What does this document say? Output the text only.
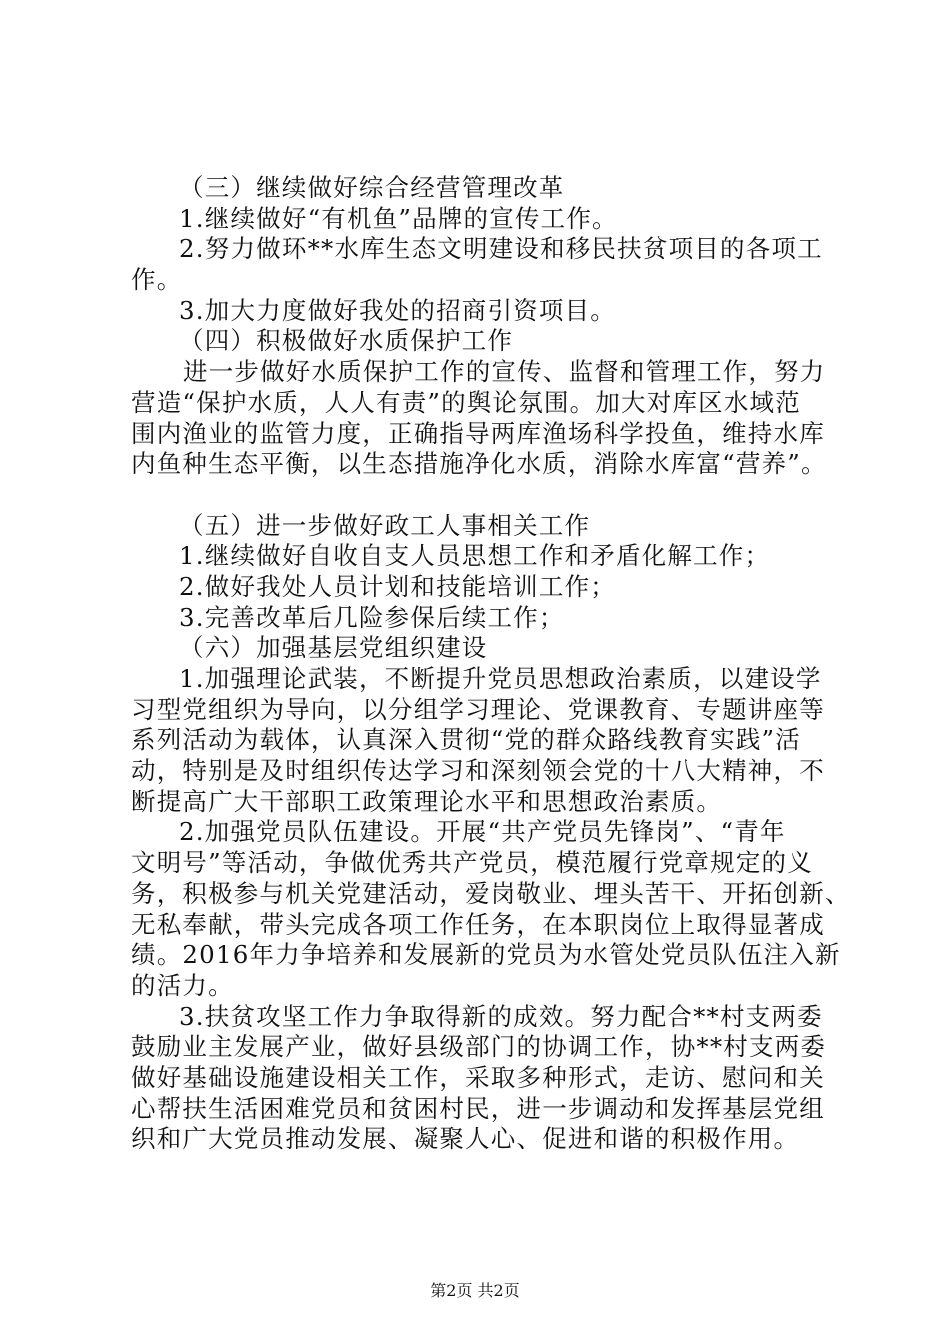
（三）继续做好综合经营管理改革
1.继续做好“有机鱼”品牌的宣传工作。
2.努力做环**水库生态文明建设和移民扶贫项目的各项工
作。
3.加大力度做好我处的招商引资项目。
（四）积极做好水质保护工作
进一步做好水质保护工作的宣传、监督和管理工作，努力
营造“保护水质，人人有责”的舆论氛围。加大对库区水域范
围内渔业的监管力度，正确指导两库渔场科学投鱼，维持水库
内鱼种生态平衡，以生态措施净化水质，消除水库富“营养”。
（五）进一步做好政工人事相关工作
1.继续做好自收自支人员思想工作和矛盾化解工作；
2.做好我处人员计划和技能培训工作；
3.完善改革后几险参保后续工作；
（六）加强基层党组织建设
1.加强理论武装，不断提升党员思想政治素质，以建设学
习型党组织为导向，以分组学习理论、党课教育、专题讲座等
系列活动为载体，认真深入贯彻“党的群众路线教育实践”活
动，特别是及时组织传达学习和深刻领会党的十八大精神，不
断提高广大干部职工政策理论水平和思想政治素质。
2.加强党员队伍建设。开展“共产党员先锋岗”、“青年
文明号”等活动，争做优秀共产党员，模范履行党章规定的义
务，积极参与机关党建活动，爱岗敬业、埋头苦干、开拓创新、
无私奉献，带头完成各项工作任务，在本职岗位上取得显著成
绩。2016年力争培养和发展新的党员为水管处党员队伍注入新
的活力。
3.扶贫攻坚工作力争取得新的成效。努力配合**村支两委
鼓励业主发展产业，做好县级部门的协调工作，协**村支两委
做好基础设施建设相关工作，采取多种形式，走访、慰问和关
心帮扶生活困难党员和贫困村民，进一步调动和发挥基层党组
织和广大党员推动发展、凝聚人心、促进和谐的积极作用。
第2页 共2页
